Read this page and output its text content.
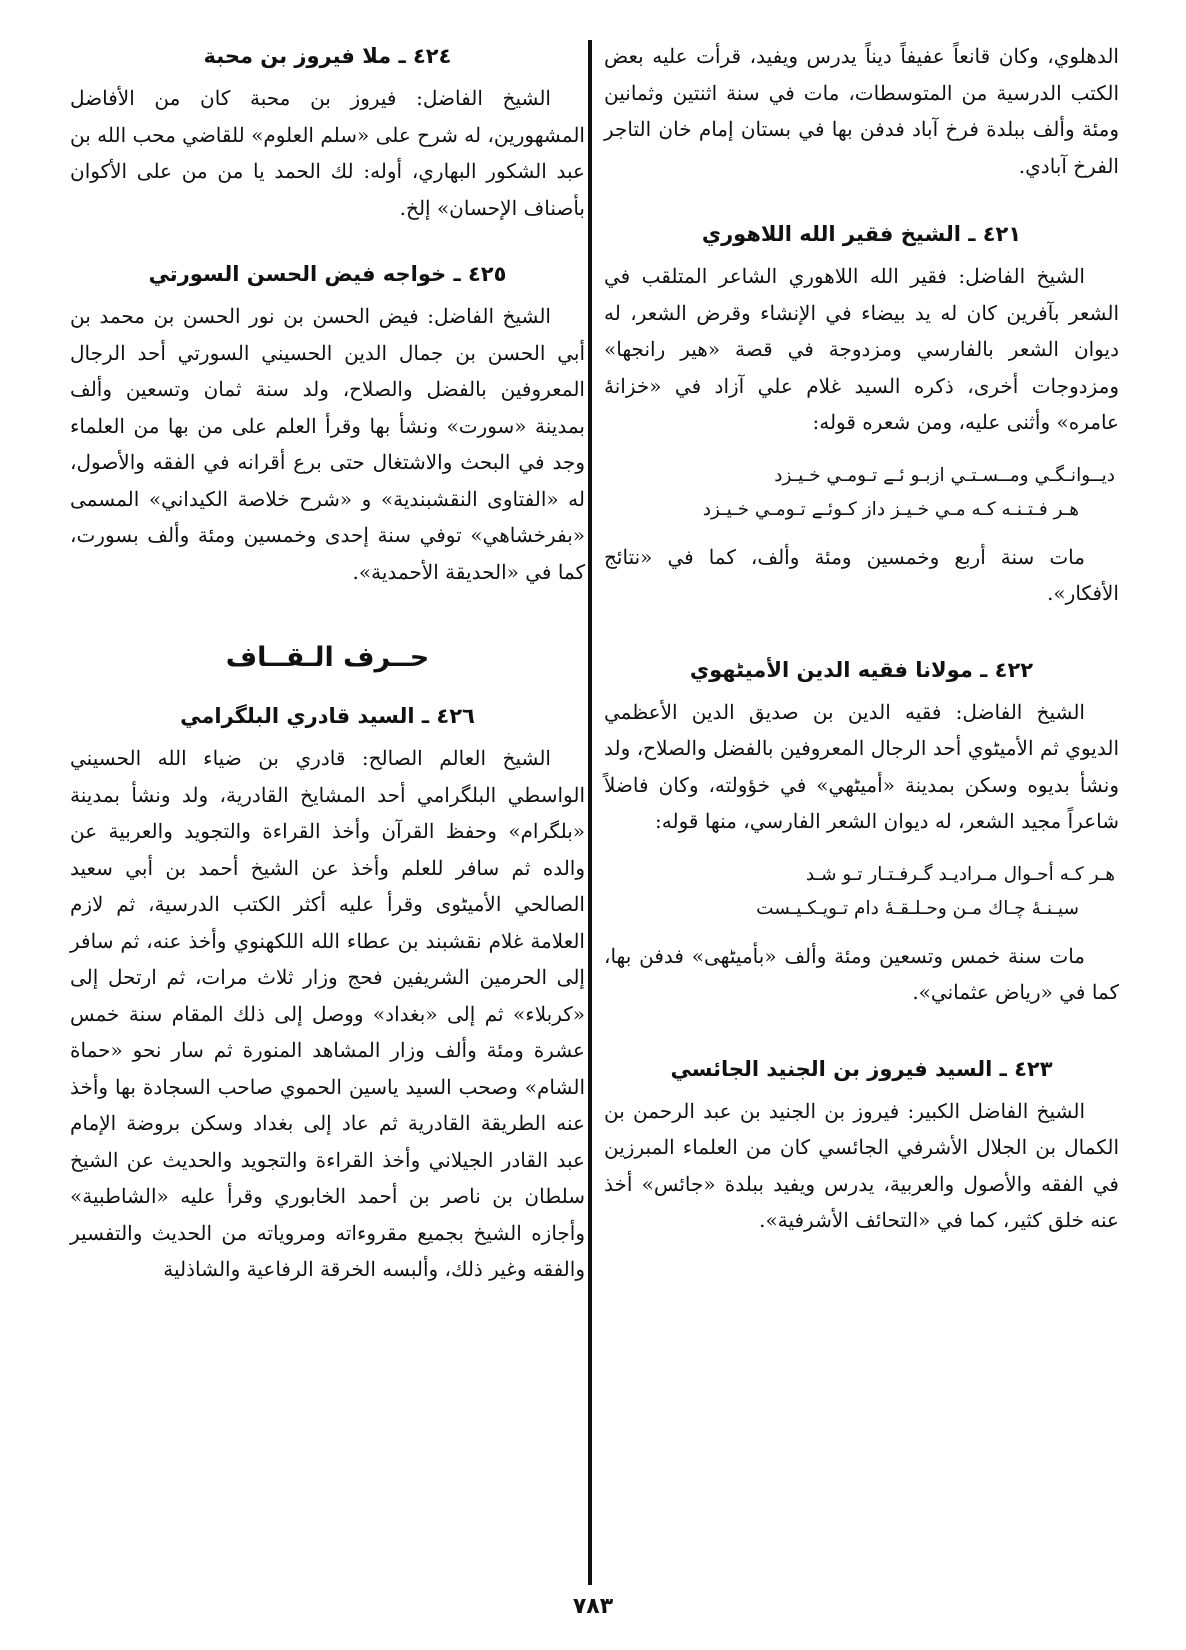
الدهلوي، وكان قانعاً عفيفاً ديناً يدرس ويفيد، قرأت عليه بعض الكتب الدرسية من المتوسطات، مات في سنة اثنتين وثمانين ومئة وألف ببلدة فرخ آباد فدفن بها في بستان إمام خان التاجر الفرخ آبادي.

٤٢١ ـ الشيخ فقير الله اللاهوري

الشيخ الفاضل: فقير الله اللاهوري الشاعر المتلقب في الشعر بآفرين كان له يد بيضاء في الإنشاء وقرض الشعر، له ديوان الشعر بالفارسي ومزدوجة في قصة «هير رانجها» ومزدوجات أخرى، ذكره السيد غلام علي آزاد في «خزانهٔ عامره» وأثنى عليه، ومن شعره قوله:

ديــوانـگـي ومــسـتـي ازبـو ئـے تـومـي خـيـزد
هـر فـتـنـه كـه مـي خـيـز داز كـوئـے تـومـي خـيـزد

مات سنة أربع وخمسين ومئة وألف، كما في «نتائج الأفكار».

٤٢٢ ـ مولانا فقيه الدين الأميٹهوي

الشيخ الفاضل: فقيه الدين بن صديق الدين الأعظمي الديوي ثم الأميٹوي أحد الرجال المعروفين بالفضل والصلاح، ولد ونشأ بديوه وسكن بمدينة «أميٹهي» في خؤولته، وكان فاضلاً شاعراً مجيد الشعر، له ديوان الشعر الفارسي، منها قوله:

هـر كـه أحـوال مـراديـد گـرفـتـار تـو شـد
سيـنـهٔ چـاك مـن وحـلـقـهٔ دام تـويـكـيـست

مات سنة خمس وتسعين ومئة وألف «بأميٹهی» فدفن بها، كما في «رياض عثماني».

٤٢٣ ـ السيد فيروز بن الجنيد الجائسي

الشيخ الفاضل الكبير: فيروز بن الجنيد بن عبد الرحمن بن الكمال بن الجلال الأشرفي الجائسي كان من العلماء المبرزين في الفقه والأصول والعربية، يدرس ويفيد ببلدة «جائس» أخذ عنه خلق كثير، كما في «التحائف الأشرفية».

٤٢٤ ـ ملا فيروز بن محبة

الشيخ الفاضل: فيروز بن محبة كان من الأفاضل المشهورين، له شرح على «سلم العلوم» للقاضي محب الله بن عبد الشكور البهاري، أوله: لك الحمد يا من من على الأكوان بأصناف الإحسان» إلخ.

٤٢٥ ـ خواجه فيض الحسن السورتي

الشيخ الفاضل: فيض الحسن بن نور الحسن بن محمد بن أبي الحسن بن جمال الدين الحسيني السورتي أحد الرجال المعروفين بالفضل والصلاح، ولد سنة ثمان وتسعين وألف بمدينة «سورت» ونشأ بها وقرأ العلم على من بها من العلماء وجد في البحث والاشتغال حتى برع أقرانه في الفقه والأصول، له «الفتاوى النقشبندية» و «شرح خلاصة الكيداني» المسمى «بفرخشاهي» توفي سنة إحدى وخمسين ومئة وألف بسورت، كما في «الحديقة الأحمدية».

حــرف الـقــاف
٤٢٦ ـ السيد قادري البلگرامي

الشيخ العالم الصالح: قادري بن ضياء الله الحسيني الواسطي البلگرامي أحد المشايخ القادرية، ولد ونشأ بمدينة «بلگرام» وحفظ القرآن وأخذ القراءة والتجويد والعربية عن والده ثم سافر للعلم وأخذ عن الشيخ أحمد بن أبي سعيد الصالحي الأميٹوى وقرأ عليه أكثر الكتب الدرسية، ثم لازم العلامة غلام نقشبند بن عطاء الله اللكهنوي وأخذ عنه، ثم سافر إلى الحرمين الشريفين فحج وزار ثلاث مرات، ثم ارتحل إلى «كربلاء» ثم إلى «بغداد» ووصل إلى ذلك المقام سنة خمس عشرة ومئة وألف وزار المشاهد المنورة ثم سار نحو «حماة الشام» وصحب السيد ياسين الحموي صاحب السجادة بها وأخذ عنه الطريقة القادرية ثم عاد إلى بغداد وسكن بروضة الإمام عبد القادر الجيلاني وأخذ القراءة والتجويد والحديث عن الشيخ سلطان بن ناصر بن أحمد الخابوري وقرأ عليه «الشاطبية» وأجازه الشيخ بجميع مقروءاته ومروياته من الحديث والتفسير والفقه وغير ذلك، وألبسه الخرقة الرفاعية والشاذلية

٧٨٣
